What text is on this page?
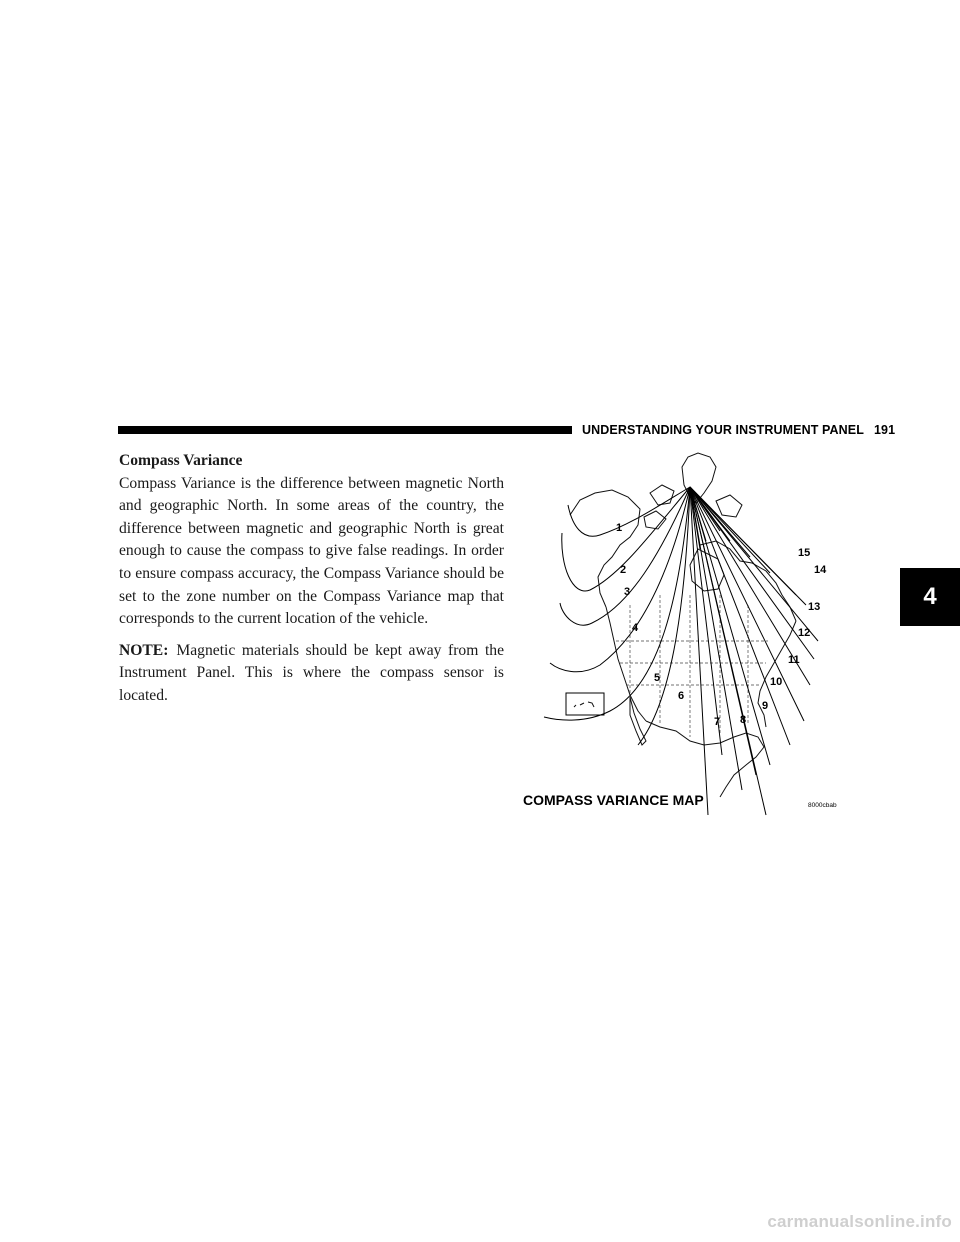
UNDERSTANDING YOUR INSTRUMENT PANEL 191
4
Compass Variance

Compass Variance is the difference between magnetic North and geographic North. In some areas of the country, the difference between magnetic and geographic North is great enough to cause the compass to give false readings. In order to ensure compass accuracy, the Compass Variance should be set to the zone number on the Compass Variance map that corresponds to the current location of the vehicle.

NOTE: Magnetic materials should be kept away from the Instrument Panel. This is where the compass sensor is located.

1
2
3
4
5
6
7 8
9
10
11
12
13
14
15
COMPASS VARIANCE MAP	8000cbab
carmanualsonline.info
